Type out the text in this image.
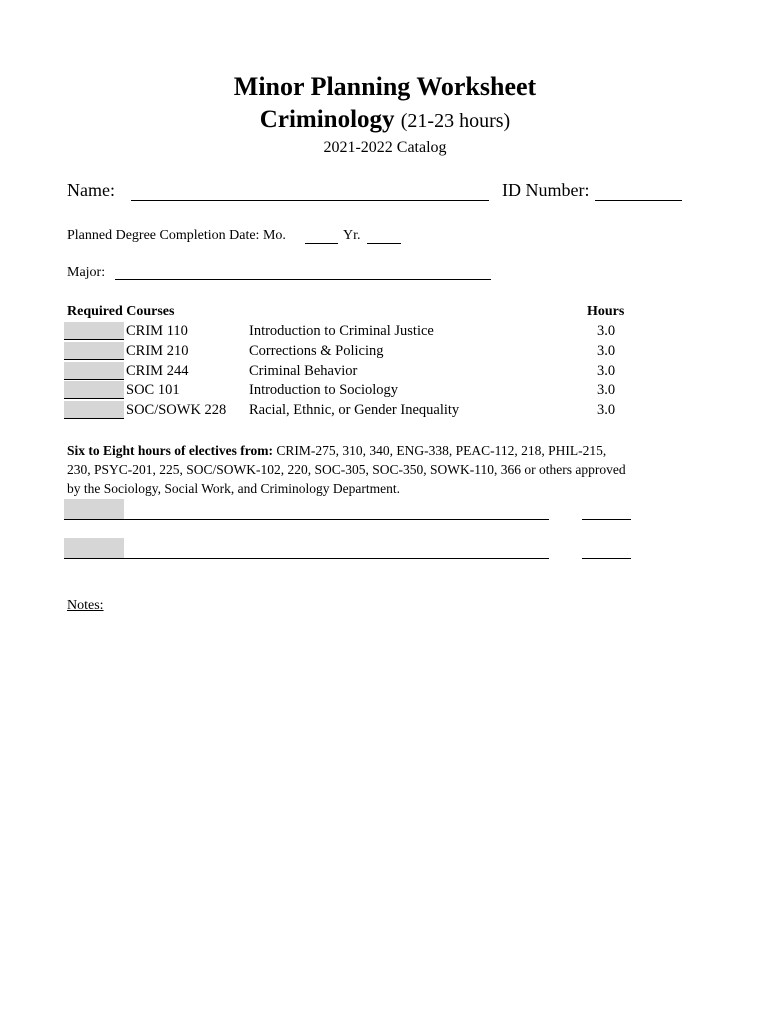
Minor Planning Worksheet
Criminology (21-23 hours)
2021-2022 Catalog
Name:	ID Number:
Planned Degree Completion Date: Mo.	Yr.
Major:
Required Courses	Hours
CRIM 110	Introduction to Criminal Justice	3.0
CRIM 210	Corrections & Policing	3.0
CRIM 244	Criminal Behavior	3.0
SOC 101	Introduction to Sociology	3.0
SOC/SOWK 228 Racial, Ethnic, or Gender Inequality	3.0
Six to Eight hours of electives from: CRIM-275, 310, 340, ENG-338, PEAC-112, 218, PHIL-215, 230, PSYC-201, 225, SOC/SOWK-102, 220, SOC-305, SOC-350, SOWK-110, 366 or others approved by the Sociology, Social Work, and Criminology Department.
Notes:
